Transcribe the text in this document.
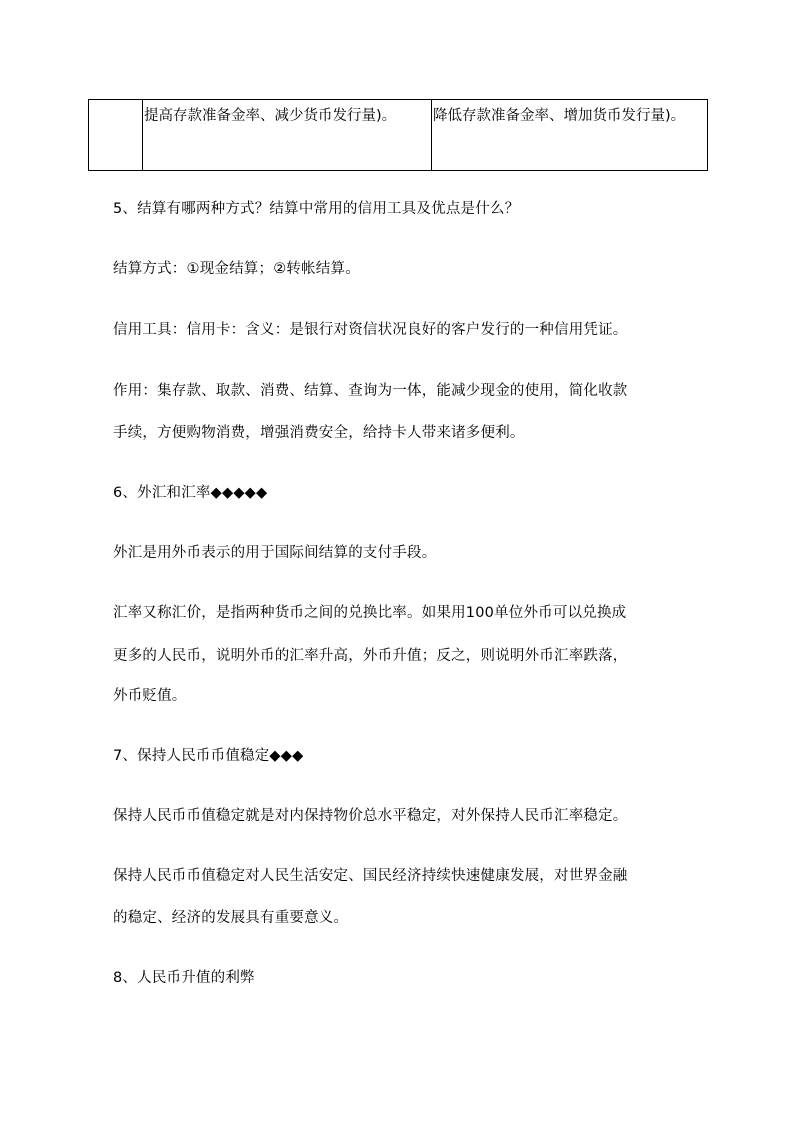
	提高存款准备金率、减少货币发行量)。	降低存款准备金率、增加货币发行量)。
5、结算有哪两种方式？结算中常用的信用工具及优点是什么？
结算方式：①现金结算；②转帐结算。
信用工具：信用卡：含义：是银行对资信状况良好的客户发行的一种信用凭证。
作用：集存款、取款、消费、结算、查询为一体，能减少现金的使用，简化收款
手续，方便购物消费，增强消费安全，给持卡人带来诸多便利。
6、外汇和汇率◆◆◆◆◆
外汇是用外币表示的用于国际间结算的支付手段。
汇率又称汇价，是指两种货币之间的兑换比率。如果用100单位外币可以兑换成
更多的人民币，说明外币的汇率升高，外币升值；反之，则说明外币汇率跌落，
外币贬值。
7、保持人民币币值稳定◆◆◆
保持人民币币值稳定就是对内保持物价总水平稳定，对外保持人民币汇率稳定。
保持人民币币值稳定对人民生活安定、国民经济持续快速健康发展，对世界金融
的稳定、经济的发展具有重要意义。
8、人民币升值的利弊
